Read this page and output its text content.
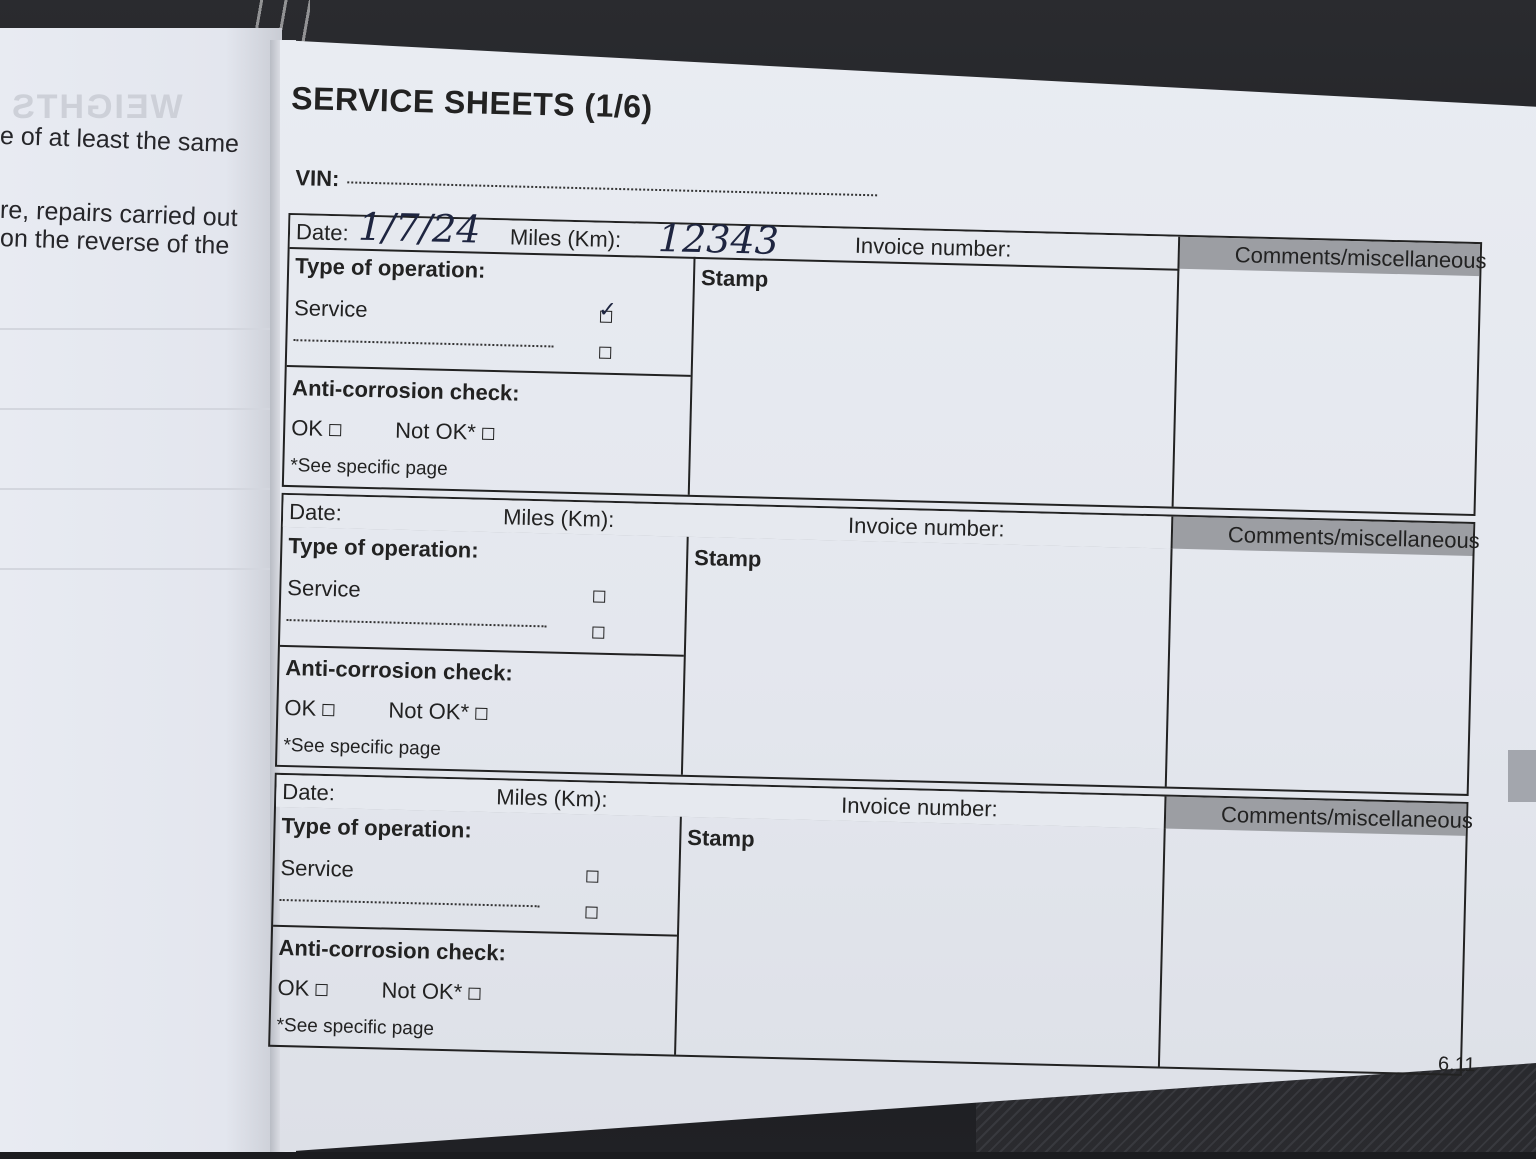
WEIGHTS
e of at least the same
re, repairs carried out
on the reverse of the
SERVICE SHEETS (1/6)
VIN:
Date:	Miles (Km):	Invoice number:	Comments/miscellaneous
1/7/24	12343
Type of operation:
Service	✓
Anti-corrosion check:
OK	Not OK*
*See specific page
Stamp
Date:	Miles (Km):	Invoice number:	Comments/miscellaneous
Type of operation:
Service
Anti-corrosion check:
OK	Not OK*
*See specific page
Stamp
Date:	Miles (Km):	Invoice number:	Comments/miscellaneous
Type of operation:
Service
Anti-corrosion check:
OK	Not OK*
*See specific page
Stamp
6.11
